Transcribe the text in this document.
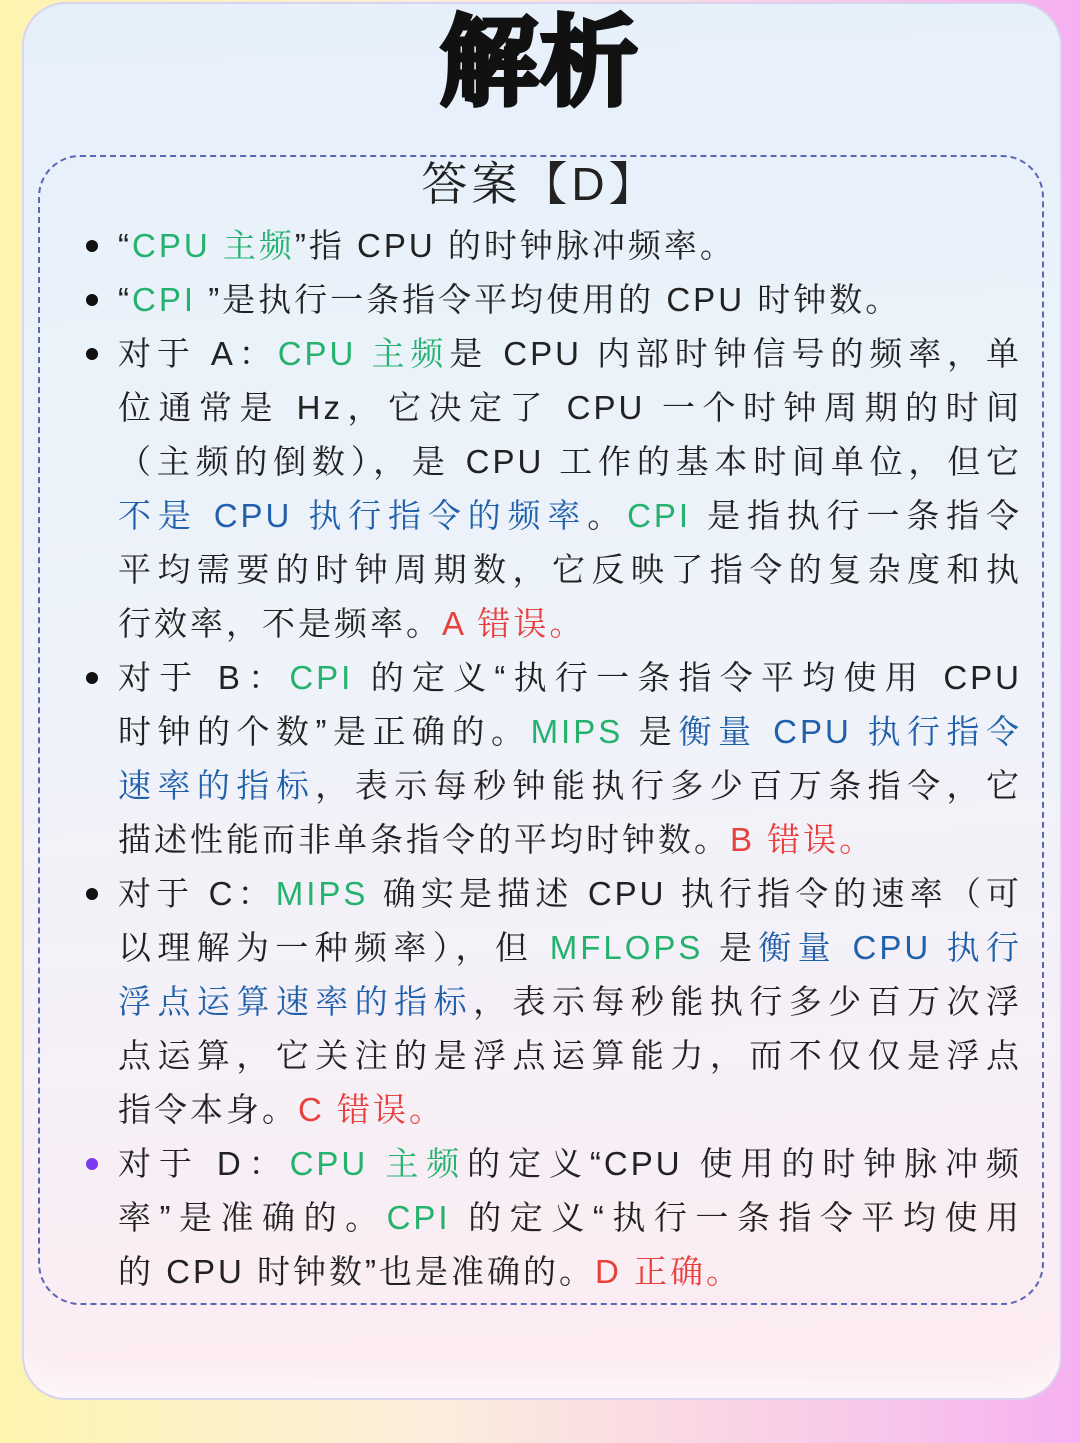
解析
答案【D】
“CPU 主频”指 CPU 的时钟脉冲频率。
“CPI ”是执行一条指令平均使用的 CPU 时钟数。
对于 A：CPU 主频是 CPU 内部时钟信号的频率，单
位通常是 Hz，它决定了 CPU 一个时钟周期的时间
（主频的倒数），是 CPU 工作的基本时间单位，但它
不是 CPU 执行指令的频率。CPI 是指执行一条指令
平均需要的时钟周期数，它反映了指令的复杂度和执
行效率，不是频率。A 错误。
对于 B：CPI 的定义“执行一条指令平均使用 CPU
时钟的个数”是正确的。MIPS 是衡量 CPU 执行指令
速率的指标，表示每秒钟能执行多少百万条指令，它
描述性能而非单条指令的平均时钟数。B 错误。
对于 C：MIPS 确实是描述 CPU 执行指令的速率（可
以理解为一种频率），但 MFLOPS 是衡量 CPU 执行
浮点运算速率的指标，表示每秒能执行多少百万次浮
点运算，它关注的是浮点运算能力，而不仅仅是浮点
指令本身。C 错误。
对于 D：CPU 主频的定义“CPU 使用的时钟脉冲频
率”是准确的。CPI 的定义“执行一条指令平均使用
的 CPU 时钟数”也是准确的。D 正确。
